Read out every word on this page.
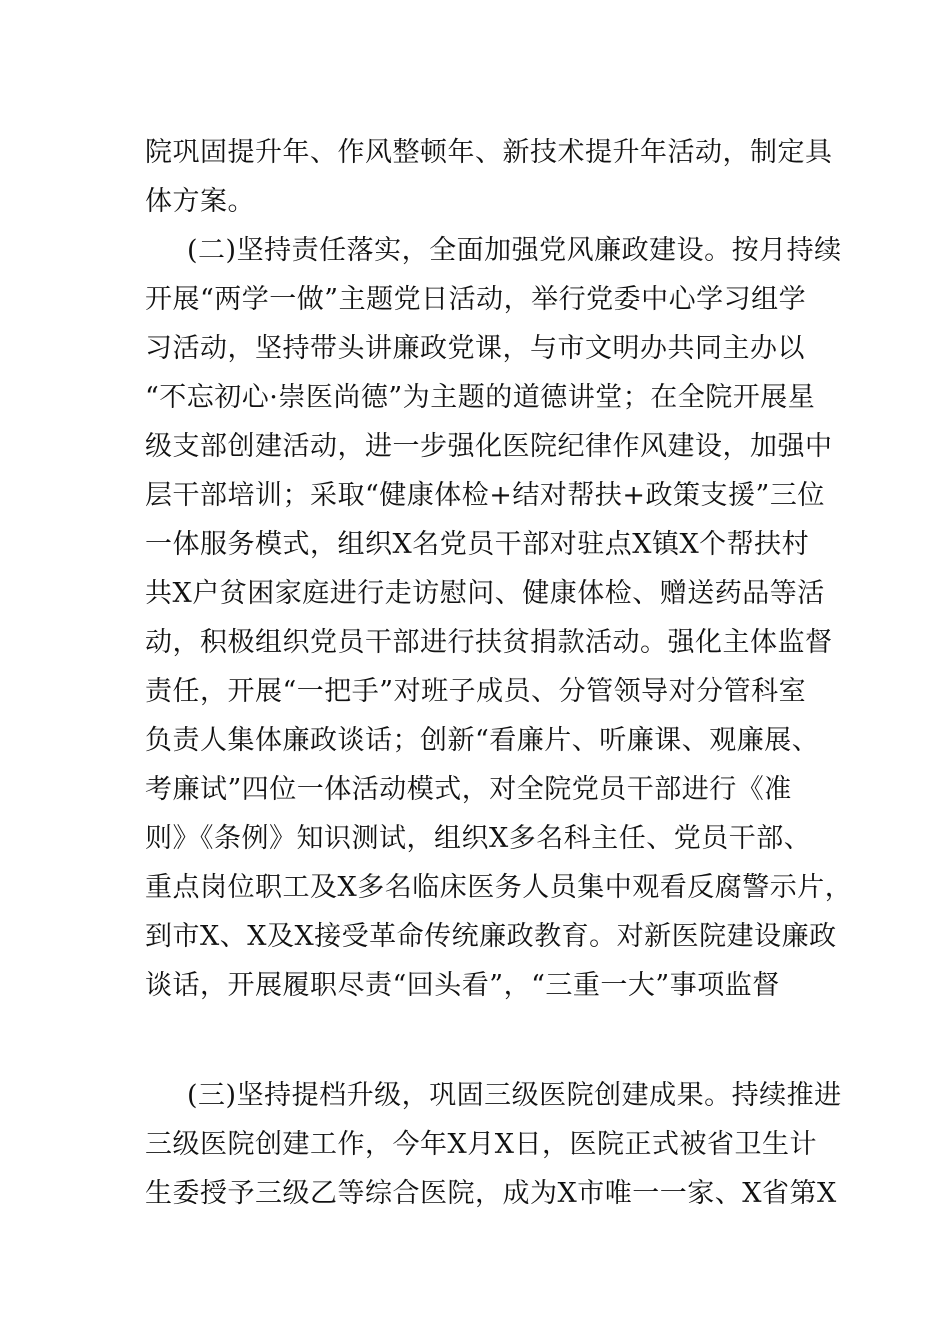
院巩固提升年、作风整顿年、新技术提升年活动，制定具
体方案。
(二)坚持责任落实，全面加强党风廉政建设。按月持续
开展“两学一做”主题党日活动，举行党委中心学习组学
习活动，坚持带头讲廉政党课，与市文明办共同主办以
“不忘初心·崇医尚德”为主题的道德讲堂；在全院开展星
级支部创建活动，进一步强化医院纪律作风建设，加强中
层干部培训；采取“健康体检+结对帮扶+政策支援”三位
一体服务模式，组织X名党员干部对驻点X镇X个帮扶村
共X户贫困家庭进行走访慰问、健康体检、赠送药品等活
动，积极组织党员干部进行扶贫捐款活动。强化主体监督
责任，开展“一把手”对班子成员、分管领导对分管科室
负责人集体廉政谈话；创新“看廉片、听廉课、观廉展、
考廉试”四位一体活动模式，对全院党员干部进行《准
则》《条例》知识测试，组织X多名科主任、党员干部、
重点岗位职工及X多名临床医务人员集中观看反腐警示片，
到市X、X及X接受革命传统廉政教育。对新医院建设廉政
谈话，开展履职尽责“回头看”，“三重一大”事项监督
(三)坚持提档升级，巩固三级医院创建成果。持续推进
三级医院创建工作，今年X月X日，医院正式被省卫生计
生委授予三级乙等综合医院，成为X市唯一一家、X省第X
